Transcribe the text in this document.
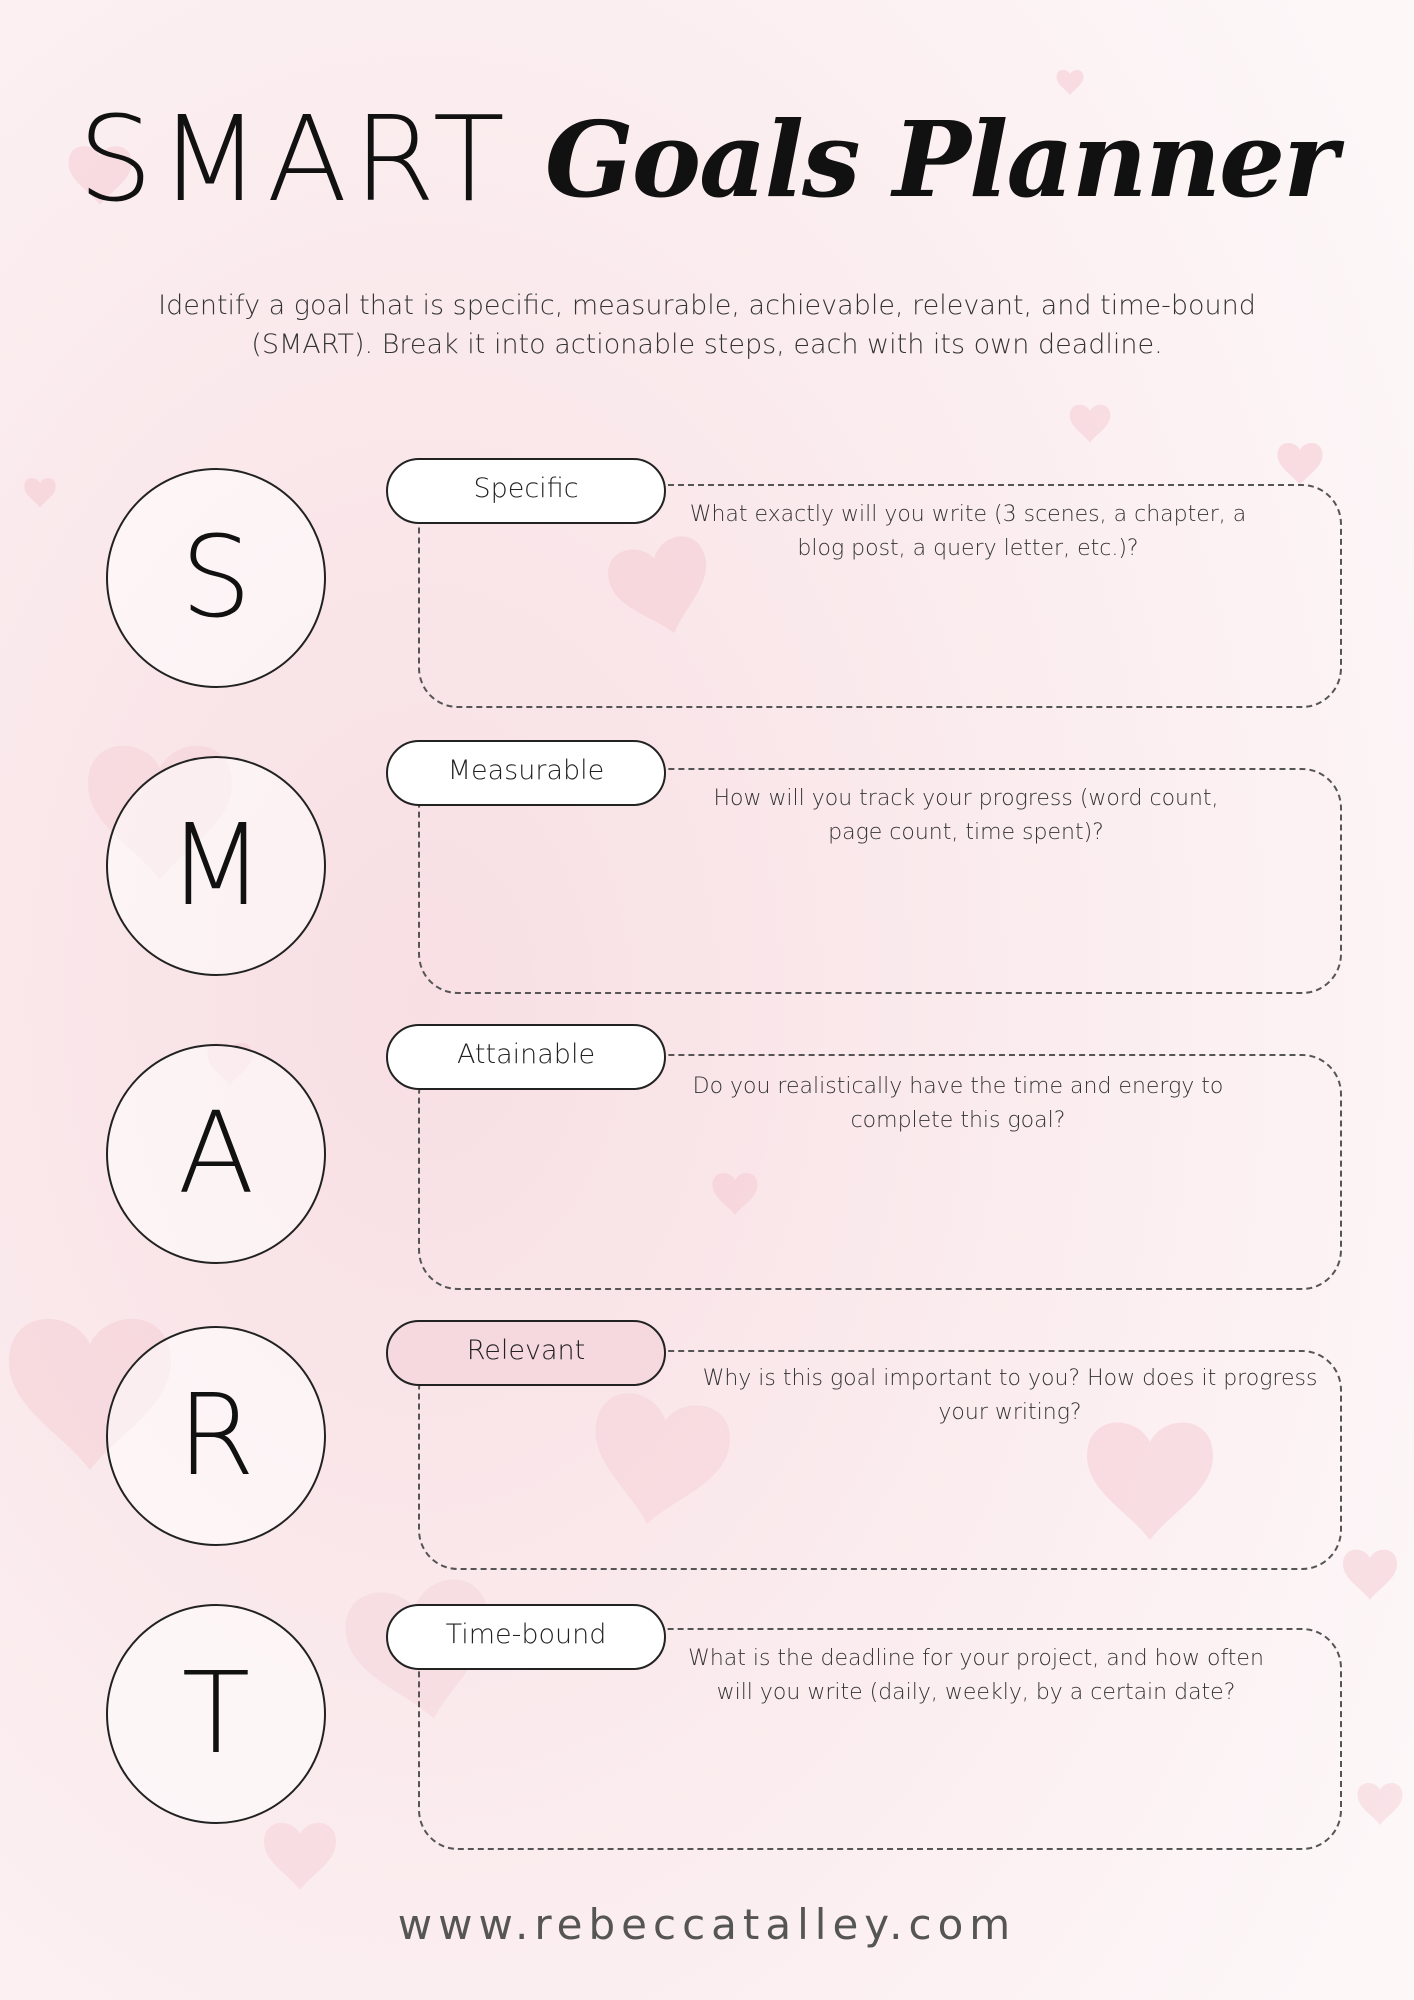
SMART Goals Planner
Identify a goal that is specific, measurable, achievable, relevant, and time-bound (SMART). Break it into actionable steps, each with its own deadline.
S
Specific
What exactly will you write (3 scenes, a chapter, a blog post, a query letter, etc.)?
M
Measurable
How will you track your progress (word count, page count, time spent)?
A
Attainable
Do you realistically have the time and energy to complete this goal?
R
Relevant
Why is this goal important to you? How does it progress your writing?
T
Time-bound
What is the deadline for your project, and how often will you write (daily, weekly, by a certain date?
www.rebeccatalley.com
